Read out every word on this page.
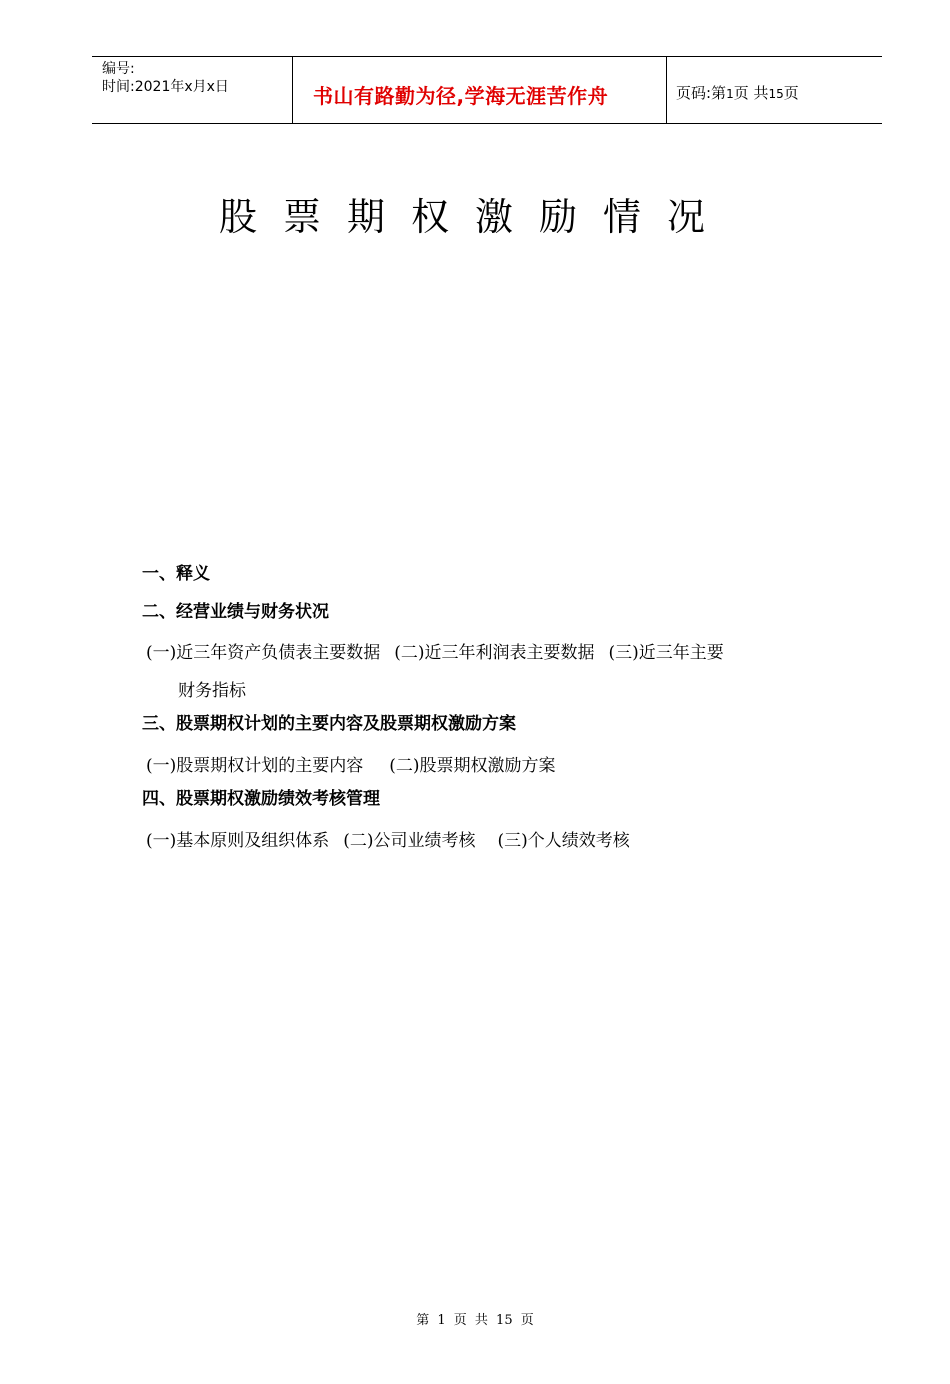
编号:
时间:2021年x月x日	书山有路勤为径,学海无涯苦作舟	页码:第1页 共15页
股票期权激励情况
一、释义
二、经营业绩与财务状况
(一)近三年资产负债表主要数据 (二)近三年利润表主要数据 (三)近三年主要
财务指标
三、股票期权计划的主要内容及股票期权激励方案
(一)股票期权计划的主要内容 (二)股票期权激励方案
四、股票期权激励绩效考核管理
(一)基本原则及组织体系 (二)公司业绩考核 (三)个人绩效考核
第 1 页 共 15 页
